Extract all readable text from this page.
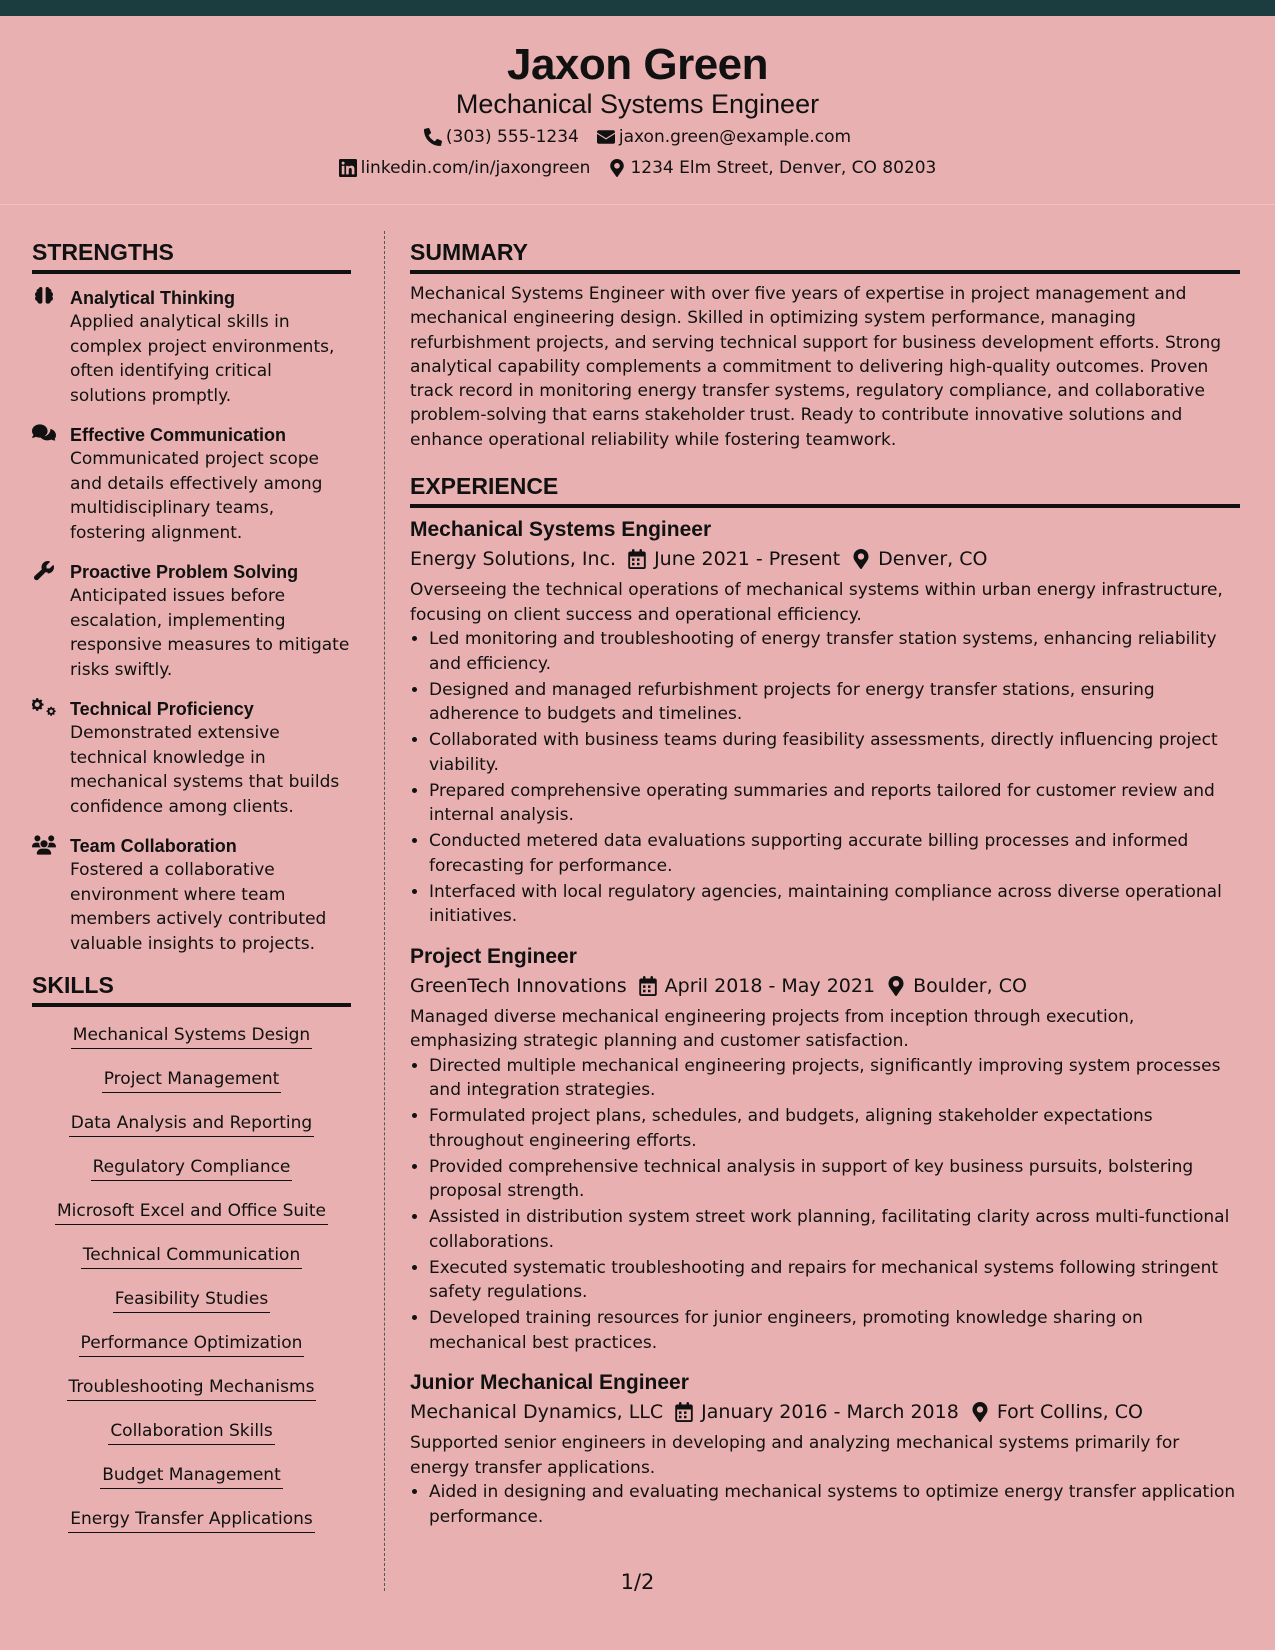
Jaxon Green
Mechanical Systems Engineer
(303) 555-1234 jaxon.green@example.com
linkedin.com/in/jaxongreen 1234 Elm Street, Denver, CO 80203
STRENGTHS
Analytical Thinking
Applied analytical skills in complex project environments, often identifying critical solutions promptly.
Effective Communication
Communicated project scope and details effectively among multidisciplinary teams, fostering alignment.
Proactive Problem Solving
Anticipated issues before escalation, implementing responsive measures to mitigate risks swiftly.
Technical Proficiency
Demonstrated extensive technical knowledge in mechanical systems that builds confidence among clients.
Team Collaboration
Fostered a collaborative environment where team members actively contributed valuable insights to projects.
SKILLS
Mechanical Systems Design
Project Management
Data Analysis and Reporting
Regulatory Compliance
Microsoft Excel and Office Suite
Technical Communication
Feasibility Studies
Performance Optimization
Troubleshooting Mechanisms
Collaboration Skills
Budget Management
Energy Transfer Applications
SUMMARY

Mechanical Systems Engineer with over five years of expertise in project management and mechanical engineering design. Skilled in optimizing system performance, managing refurbishment projects, and serving technical support for business development efforts. Strong analytical capability complements a commitment to delivering high-quality outcomes. Proven track record in monitoring energy transfer systems, regulatory compliance, and collaborative problem-solving that earns stakeholder trust. Ready to contribute innovative solutions and enhance operational reliability while fostering teamwork.

EXPERIENCE
Mechanical Systems Engineer
Energy Solutions, Inc. June 2021 - Present Denver, CO
Overseeing the technical operations of mechanical systems within urban energy infrastructure, focusing on client success and operational efficiency.
• Led monitoring and troubleshooting of energy transfer station systems, enhancing reliability and efficiency.
• Designed and managed refurbishment projects for energy transfer stations, ensuring adherence to budgets and timelines.
• Collaborated with business teams during feasibility assessments, directly influencing project viability.
• Prepared comprehensive operating summaries and reports tailored for customer review and internal analysis.
• Conducted metered data evaluations supporting accurate billing processes and informed forecasting for performance.
• Interfaced with local regulatory agencies, maintaining compliance across diverse operational initiatives.
Project Engineer
GreenTech Innovations April 2018 - May 2021 Boulder, CO
Managed diverse mechanical engineering projects from inception through execution, emphasizing strategic planning and customer satisfaction.
• Directed multiple mechanical engineering projects, significantly improving system processes and integration strategies.
• Formulated project plans, schedules, and budgets, aligning stakeholder expectations throughout engineering efforts.
• Provided comprehensive technical analysis in support of key business pursuits, bolstering proposal strength.
• Assisted in distribution system street work planning, facilitating clarity across multi-functional collaborations.
• Executed systematic troubleshooting and repairs for mechanical systems following stringent safety regulations.
• Developed training resources for junior engineers, promoting knowledge sharing on mechanical best practices.
Junior Mechanical Engineer
Mechanical Dynamics, LLC January 2016 - March 2018 Fort Collins, CO
Supported senior engineers in developing and analyzing mechanical systems primarily for energy transfer applications.
• Aided in designing and evaluating mechanical systems to optimize energy transfer application performance.
1/2
